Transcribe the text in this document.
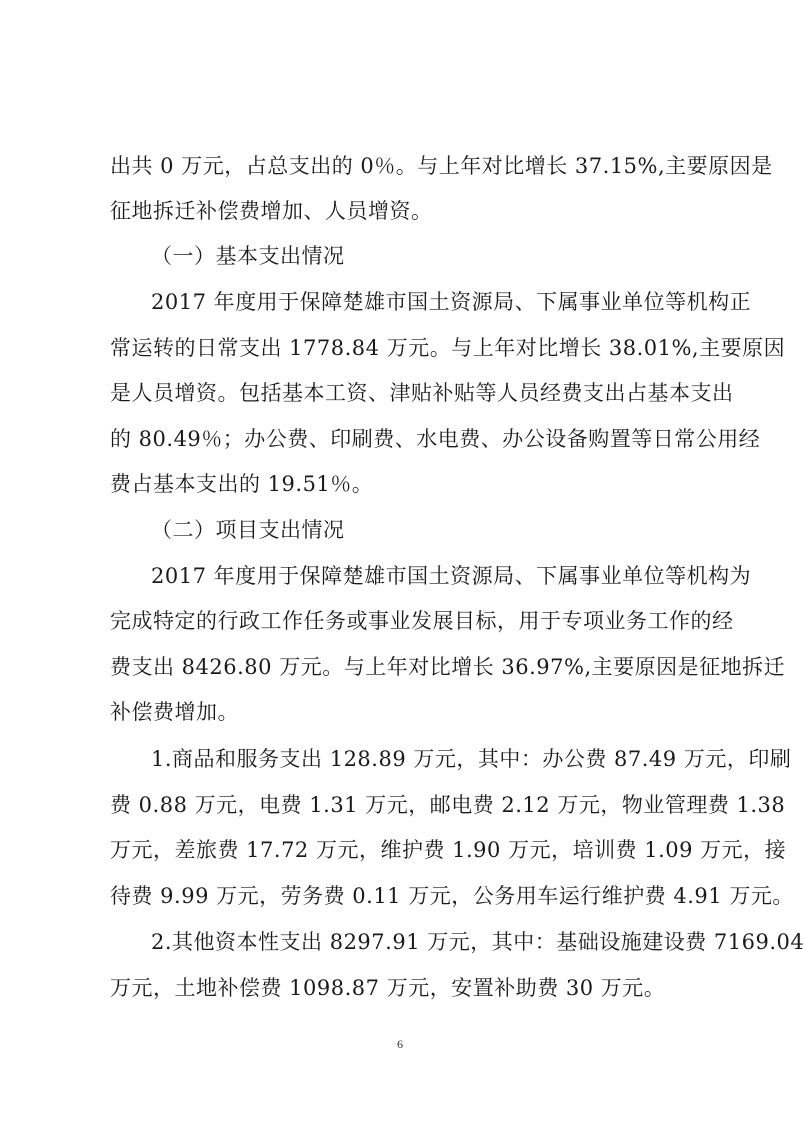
出共 0 万元，占总支出的 0％。与上年对比增长 37.15%,主要原因是
征地拆迁补偿费增加、人员增资。
（一）基本支出情况
2017 年度用于保障楚雄市国土资源局、下属事业单位等机构正
常运转的日常支出 1778.84 万元。与上年对比增长 38.01%,主要原因
是人员增资。包括基本工资、津贴补贴等人员经费支出占基本支出
的 80.49％；办公费、印刷费、水电费、办公设备购置等日常公用经
费占基本支出的 19.51％。
（二）项目支出情况
2017 年度用于保障楚雄市国土资源局、下属事业单位等机构为
完成特定的行政工作任务或事业发展目标，用于专项业务工作的经
费支出 8426.80 万元。与上年对比增长 36.97%,主要原因是征地拆迁
补偿费增加。
1.商品和服务支出 128.89 万元，其中：办公费 87.49 万元，印刷
费 0.88 万元，电费 1.31 万元，邮电费 2.12 万元，物业管理费 1.38
万元，差旅费 17.72 万元，维护费 1.90 万元，培训费 1.09 万元，接
待费 9.99 万元，劳务费 0.11 万元，公务用车运行维护费 4.91 万元。
2.其他资本性支出 8297.91 万元，其中：基础设施建设费 7169.04
万元，土地补偿费 1098.87 万元，安置补助费 30 万元。
6
